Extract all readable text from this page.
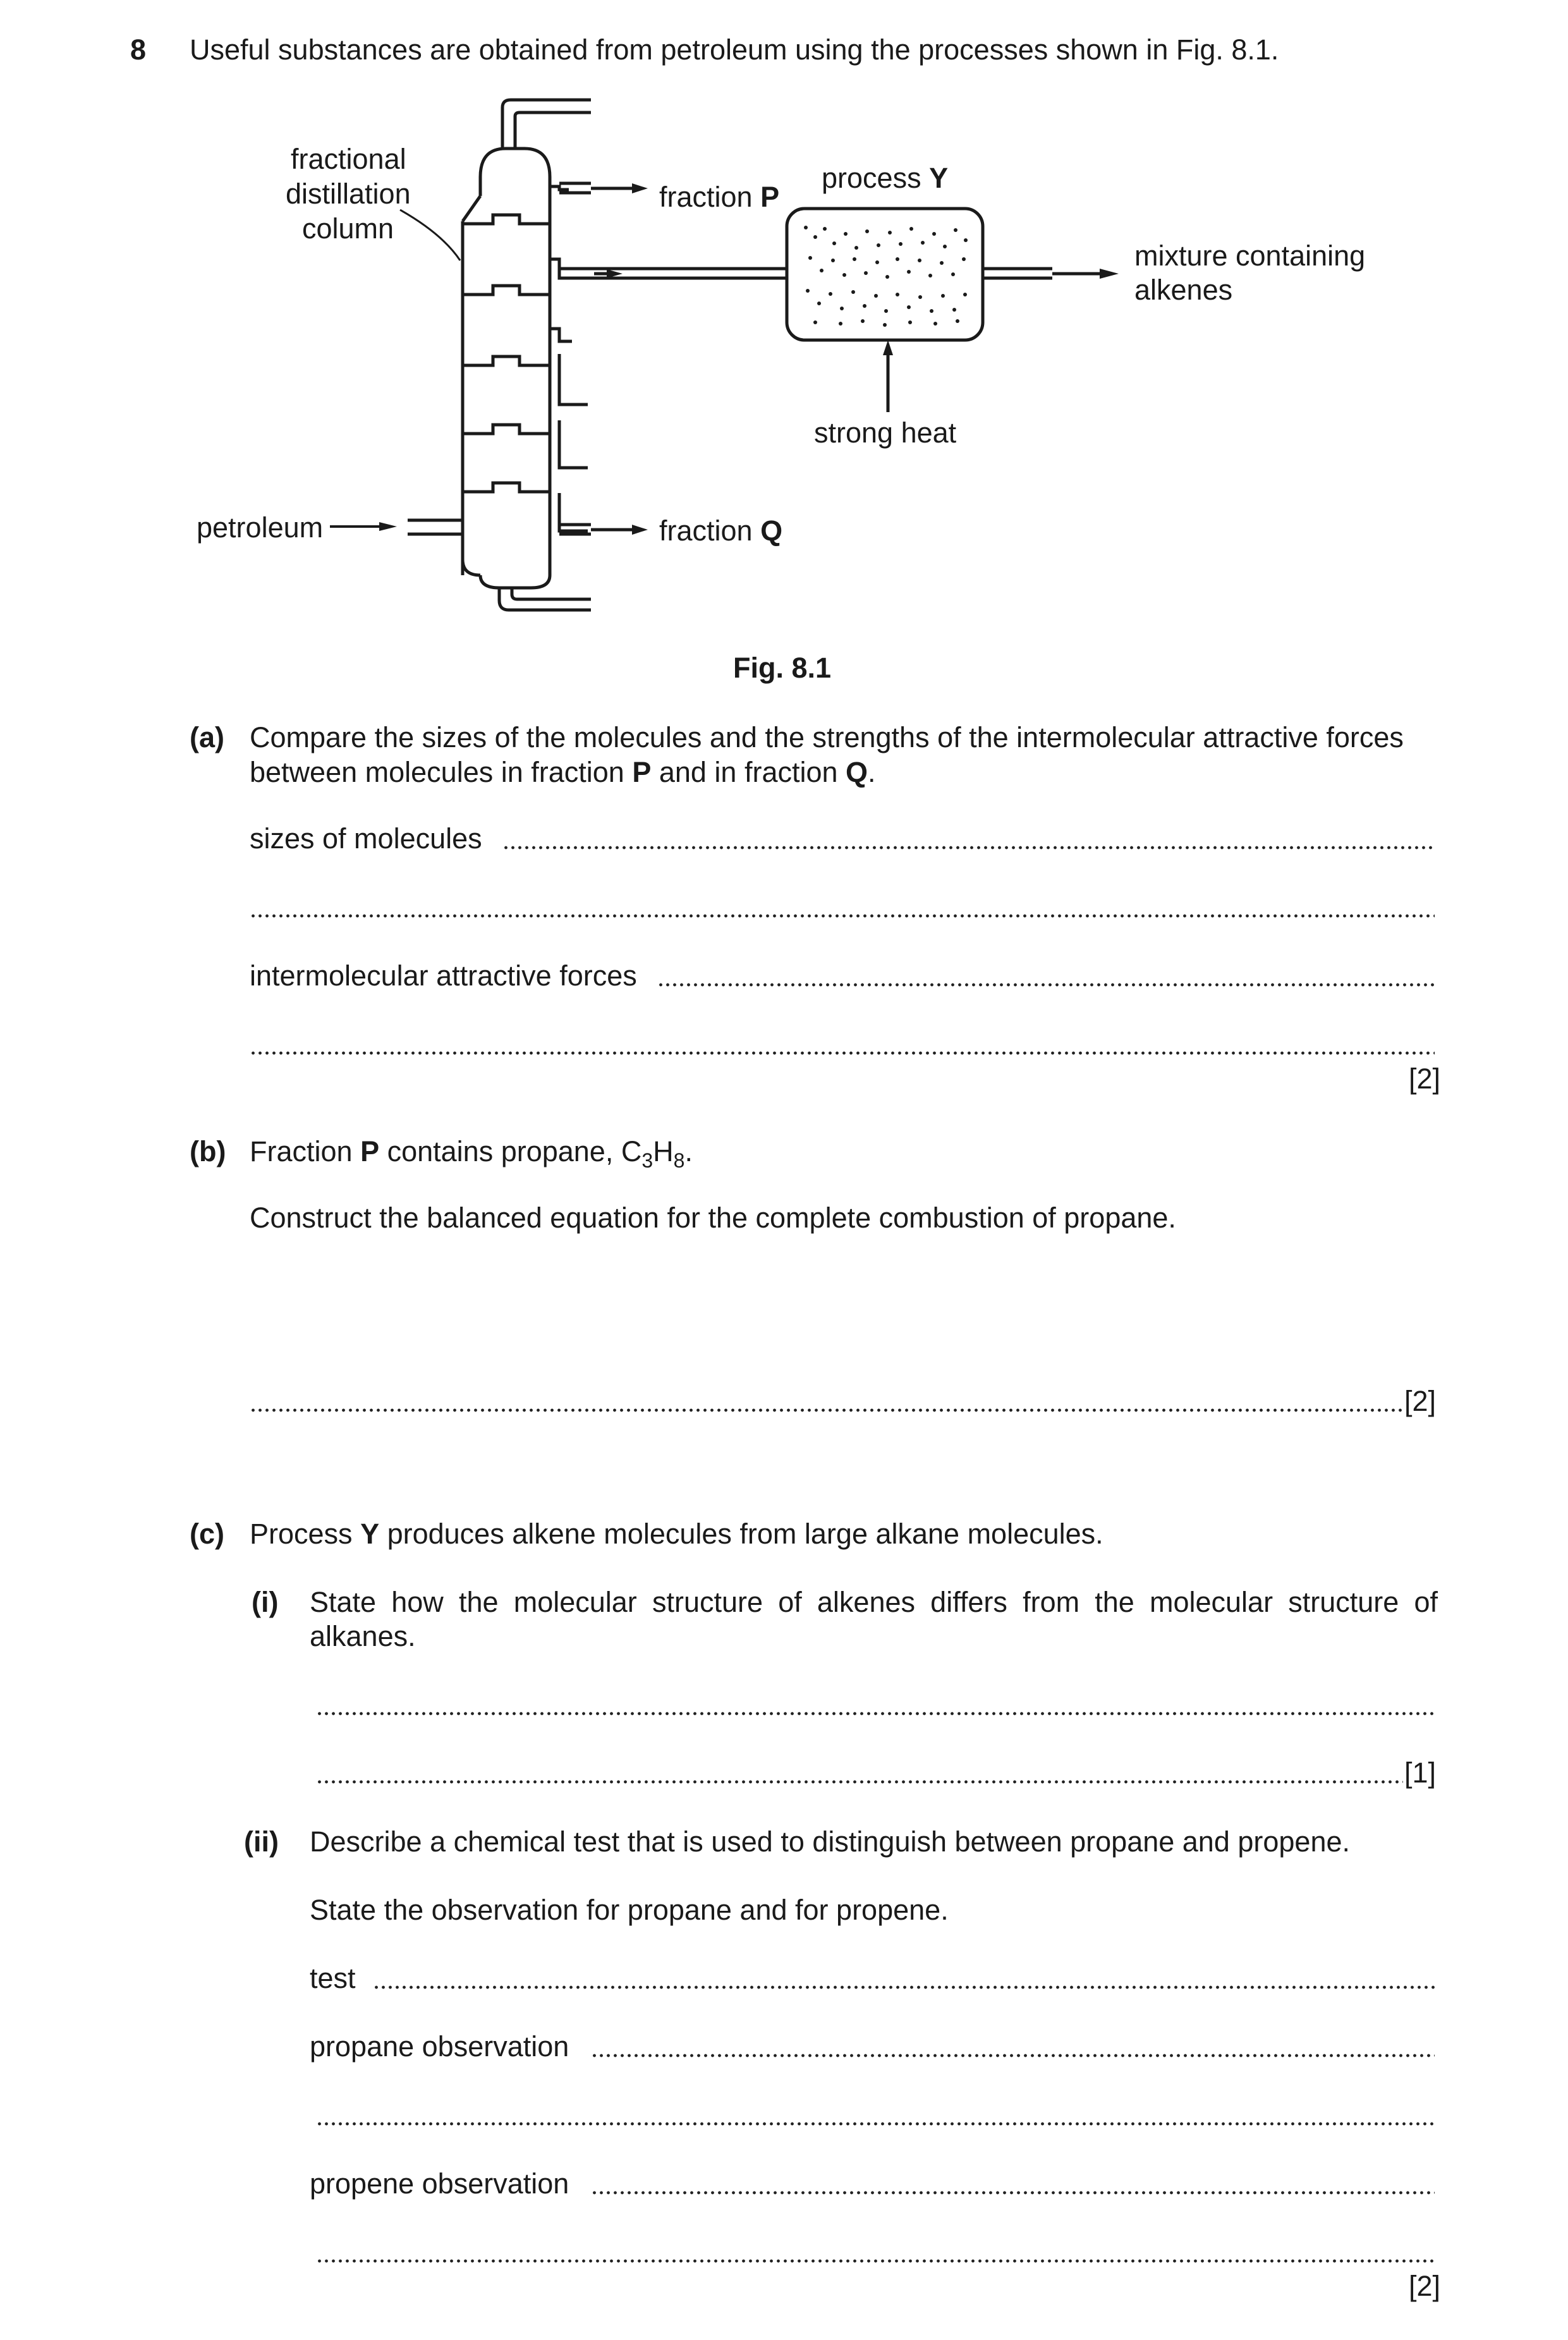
8 Useful substances are obtained from petroleum using the processes shown in Fig. 8.1.
fractional
distillation
column
fraction P
process Y
mixture containing
alkenes
strong heat
petroleum	fraction Q
Fig. 8.1
(a) Compare the sizes of the molecules and the strengths of the intermolecular attractive forces
between molecules in fraction P and in fraction Q.
sizes of molecules
intermolecular attractive forces
[2]
(b) Fraction P contains propane, $C_3H_8$.
Construct the balanced equation for the complete combustion of propane.
[2]
(c) Process Y produces alkene molecules from large alkane molecules.
(i) State how the molecular structure of alkenes differs from the molecular structure of
alkanes.
[1]
(ii) Describe a chemical test that is used to distinguish between propane and propene.
State the observation for propane and for propene.
test
propane observation
propene observation
[2]
